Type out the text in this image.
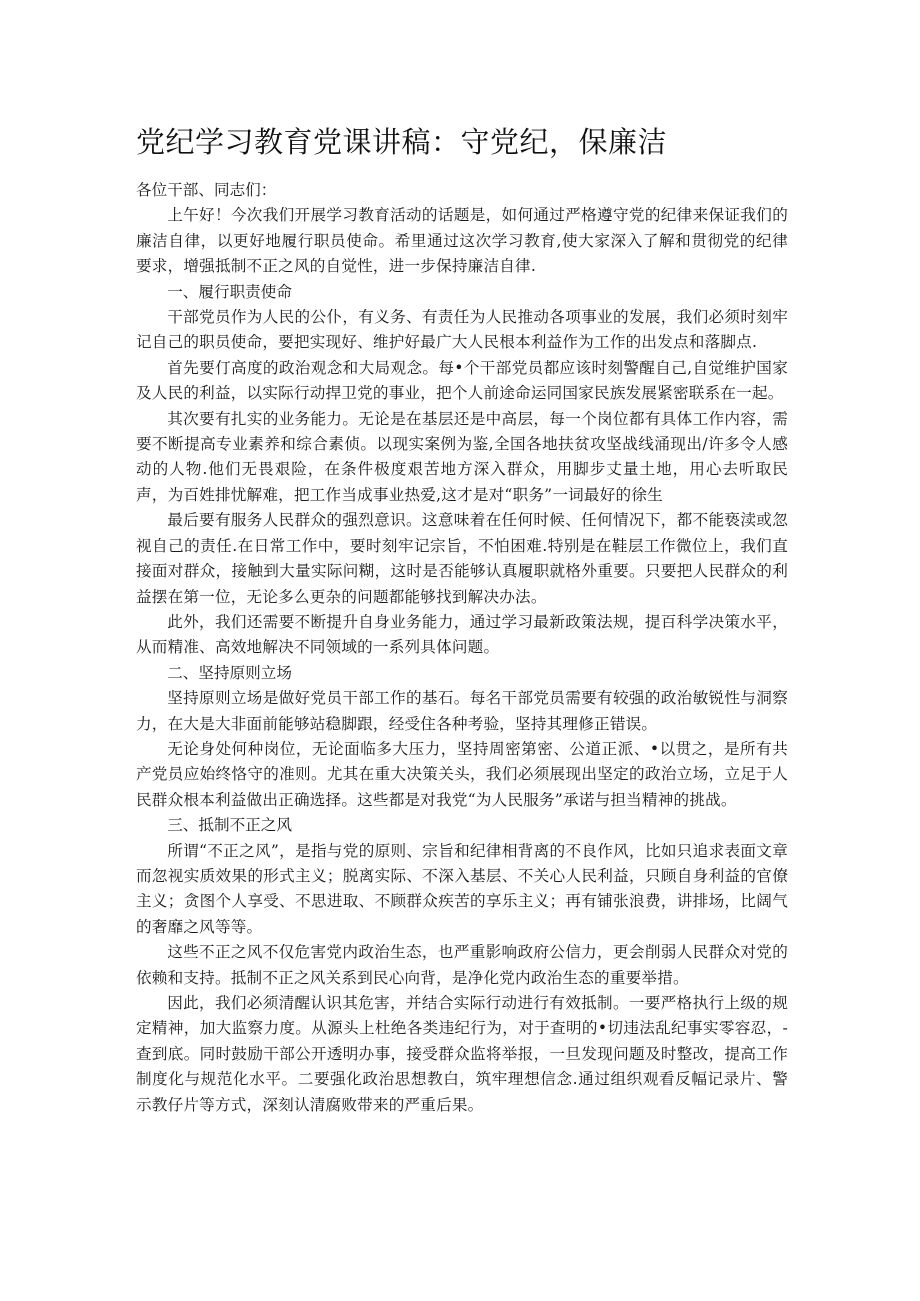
党纪学习教育党课讲稿：守党纪，保廉洁

各位干部、同志们：

上午好！今次我们开展学习教育活动的话题是，如何通过严格遵守党的纪律来保证我们的廉洁自律，以更好地履行职员使命。希里通过这次学习教育,使大家深入了解和贯彻党的纪律要求，增强抵制不正之风的自觉性，进一步保持廉洁自律.

一、履行职责使命

干部党员作为人民的公仆，有义务、有责任为人民推动各项事业的发展，我们必须时刻牢记自己的职员使命，要把实现好、维护好最广大人民根本利益作为工作的出发点和落脚点.

首先要仃高度的政治观念和大局观念。每•个干部党员都应该时刻警醒自己,自觉维护国家及人民的利益，以实际行动捍卫党的事业，把个人前途命运同国家民族发展紧密联系在一起。

其次要有扎实的业务能力。无论是在基层还是中高层，每一个岗位都有具体工作内容，需要不断提高专业素养和综合素侦。以现实案例为鉴,全国各地扶贫攻坚战线涌现出/许多令人感动的人物.他们无畏艰险，在条件极度艰苦地方深入群众，用脚步丈量土地，用心去听取民声，为百姓排忧解难，把工作当成事业热爱,这才是对“职务”一词最好的徐生

最后要有服务人民群众的强烈意识。这意味着在任何时候、任何情况下，都不能亵渎或忽视自己的责任.在日常工作中，要时刻牢记宗旨，不怕困难.特别是在鞋层工作微位上，我们直接面对群众，接触到大量实际问糊，这时是否能够认真履职就格外重要。只要把人民群众的利益摆在第一位，无论多么更杂的问题都能够找到解决办法。

此外，我们还需要不断提升自身业务能力，通过学习最新政策法规，提百科学决策水平，从而精准、高效地解决不同领域的一系列具体问题。

二、坚持原则立场

坚持原则立场是做好党员干部工作的基石。每名干部党员需要有较强的政治敏锐性与洞察力，在大是大非面前能够站稳脚跟，经受住各种考验，坚持其理修正错误。

无论身处何种岗位，无论面临多大压力，坚持周密第密、公道正派、•以贯之，是所有共产党员应始终恪守的准则。尤其在重大决策关头，我们必须展现出坚定的政治立场，立足于人民群众根本利益做出正确选择。这些都是对我党“为人民服务”承诺与担当精神的挑战。

三、抵制不正之风

所谓“不正之风”，是指与党的原则、宗旨和纪律相背离的不良作风，比如只追求表面文章而忽视实质效果的形式主义；脱离实际、不深入基层、不关心人民利益，只顾自身利益的官僚主义；贪图个人享受、不思进取、不顾群众疾苦的享乐主义；再有铺张浪费，讲排场，比阔气的奢靡之风等等。

这些不正之风不仅危害党内政治生态，也严重影响政府公信力，更会削弱人民群众对党的依赖和支持。抵制不正之风关系到民心向背，是净化党内政治生态的重要举措。

因此，我们必须清醒认识其危害，并结合实际行动进行有效抵制。一要严格执行上级的规定精神，加大监察力度。从源头上杜绝各类违纪行为，对于查明的•切违法乱纪事实零容忍，-查到底。同时鼓励干部公开透明办事，接受群众监将举报，一旦发现问题及时整改，提高工作制度化与规范化水平。二要强化政治思想教白，筑牢理想信念.通过组织观看反幅记录片、警示教仔片等方式，深刻认清腐败带来的严重后果。
